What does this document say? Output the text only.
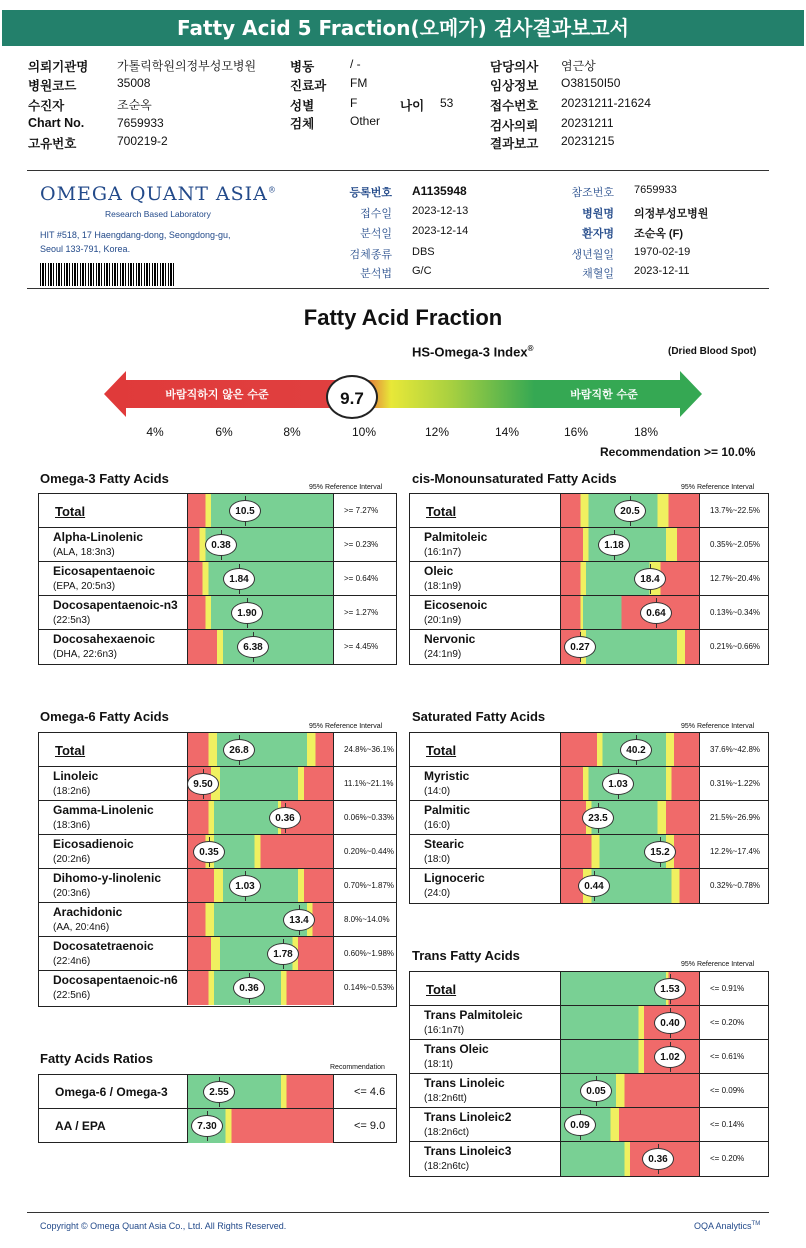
Fatty Acid 5 Fraction(오메가) 검사결과보고서
의뢰기관명 가톨릭학원의정부성모병원
병원코드	35008
수진자	조순옥
Chart No.	7659933
고유번호	700219-2
병동	/ -
진료과 FM
성별	F	나이 53
검체	Other
담당의사 염근상
임상정보 O38150I50
접수번호 20231211-21624
검사의뢰 20231211
결과보고 20231215
OMEGA QUANT ASIA®
Research Based Laboratory
HIT #518, 17 Haengdang-dong, Seongdong-gu,
Seoul 133-791, Korea.
등록번호 A1135948
접수일 2023-12-13
분석일 2023-12-14
검체종류 DBS
분석법 G/C
참조번호 7659933
병원명 의정부성모병원
환자명 조순옥 (F)
생년월일 1970-02-19
채혈일 2023-12-11
Fatty Acid Fraction
HS-Omega-3 Index®	(Dried Blood Spot)
바람직하지 않은 수준	바람직한 수준
9.7
4%	6%	8%	10%	12%	14%	16%	18%
Recommendation >= 10.0%
Omega-3 Fatty Acids
95% Reference Interval
Total	10.5	>= 7.27%
Alpha-Linolenic
(ALA, 18:3n3)
0.38	>= 0.23%
Eicosapentaenoic
(EPA, 20:5n3)
1.84	>= 0.64%
Docosapentaenoic-n3
(22:5n3)
1.90	>= 1.27%
Docosahexaenoic
(DHA, 22:6n3)
6.38	>= 4.45%
cis-Monounsaturated Fatty Acids
95% Reference Interval
Total	20.5	13.7%~22.5%
Palmitoleic
(16:1n7)
1.18	0.35%~2.05%
Oleic
(18:1n9)
18.4	12.7%~20.4%
Eicosenoic
(20:1n9)
0.64	0.13%~0.34%
Nervonic
(24:1n9)
0.27	0.21%~0.66%
Omega-6 Fatty Acids
95% Reference Interval
Total	26.8	24.8%~36.1%
Linoleic
(18:2n6)
9.50	11.1%~21.1%
Gamma-Linolenic
(18:3n6)
0.36	0.06%~0.33%
Eicosadienoic
(20:2n6)
0.35	0.20%~0.44%
Dihomo-y-linolenic
(20:3n6)
1.03	0.70%~1.87%
Arachidonic
(AA, 20:4n6)
13.4	8.0%~14.0%
Docosatetraenoic
(22:4n6)
1.78	0.60%~1.98%
Docosapentaenoic-n6
(22:5n6)
0.36	0.14%~0.53%
Saturated Fatty Acids
95% Reference Interval
Total	40.2	37.6%~42.8%
Myristic
(14:0)
1.03	0.31%~1.22%
Palmitic
(16:0)
23.5	21.5%~26.9%
Stearic
(18:0)
15.2	12.2%~17.4%
Lignoceric
(24:0)
0.44	0.32%~0.78%
Trans Fatty Acids
95% Reference Interval
Total	1.53	<= 0.91%
Trans Palmitoleic
(16:1n7t)
0.40	<= 0.20%
Trans Oleic
(18:1t)
1.02	<= 0.61%
Trans Linoleic
(18:2n6tt)
0.05	<= 0.09%
Trans Linoleic2
(18:2n6ct)
0.09	<= 0.14%
Trans Linoleic3
(18:2n6tc)
0.36	<= 0.20%
Fatty Acids Ratios
Recommendation
Omega-6 / Omega-3	2.55	<= 4.6
AA / EPA	7.30	<= 9.0
Copyright © Omega Quant Asia Co., Ltd. All Rights Reserved.	OQA Analytics™
